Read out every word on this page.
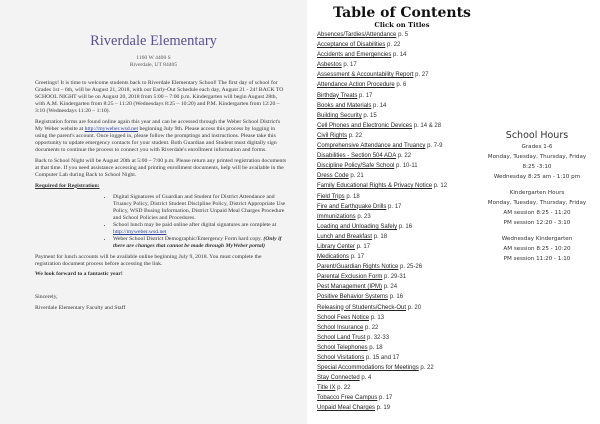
Riverdale Elementary
1160 W 4400 S
Riverdale, UT 84405

Greetings! It is time to welcome students back to Riverdale Elementary School! The first day of school for Grades 1st – 6th, will be August 21, 2018, with our Early-Out Schedule each day, August 21 - 24! BACK TO SCHOOL NIGHT will be on August 20, 2018 from 5:00 – 7:00 p.m. Kindergarten will begin August 28th, with A.M. Kindergarten from 8:25 – 11:20 (Wednesdays 8:25 – 10:20) and P.M. Kindergarten from 12:20 – 3:10 (Wednesdays 11:20 – 1:10).

Registration forms are found online again this year and can be accessed through the Weber School District's My Weber website at http://myweber.wsd.net beginning July 9th. Please access this process by logging in using the parent's account. Once logged in, please follow the promptings and instructions. Please take this opportunity to update emergency contacts for your student. Both Guardian and Student must digitally sign documents to continue the process to connect you with Riverdale's enrollment information and forms.

Back to School Night will be August 20th at 5:00 – 7:00 p.m. Please return any printed registration documents at that time. If you need assistance accessing and printing enrollment documents, help will be available in the Computer Lab during Back to School Night.

Required for Registration:
• Digital Signatures of Guardian and Student for District Attendance and Truancy Policy, District Student Discipline Policy, District Appropriate Use Policy, WSD Busing Information, District Unpaid Meal Charges Procedure and School Policies and Procedures.
• School lunch may be paid online after digital signatures are complete at http://myweber.wsd.net
• Weber School District Demographic/Emergency Form hard copy. (Only if there are changes that cannot be made through MyWeber portal)

Payment for lunch accounts will be available online beginning July 9, 2018. You must complete the registration document process before accessing the link.

We look forward to a fantastic year!

Sincerely,

Riverdale Elementary Faculty and Staff

Table of Contents
Click on Titles
Absences/Tardies/Attendance p. 5
Acceptance of Disabilities p. 22
Accidents and Emergencies p. 14
Asbestos p. 17
Assessment & Accountability Report p. 27
Attendance Action Procedure p. 6
Birthday Treats p. 17
Books and Materials p. 14
Building Security p. 15
Cell Phones and Electronic Devices p. 14 & 28
Civil Rights p. 22
Comprehensive Attendance and Truancy p. 7-9
Disabilities - Section 504 ADA p. 22
Discipline Policy/Safe School p. 10-11
Dress Code p. 21
Family Educational Rights & Privacy Notice p. 12
Field Trips p. 18
Fire and Earthquake Drills p. 17
Immunizations p. 23
Loading and Unloading Safely p. 16
Lunch and Breakfast p. 18
Library Center p. 17
Medications p. 17
Parent/Guardian Rights Notice p. 25-26
Parental Exclusion Form p. 29-31
Pest Management (IPM) p. 24
Positive Behavior Systems p. 16
Releasing of Students/Check-Out p. 20
School Fees Notice p. 13
School Insurance p. 22
School Land Trust p. 32-33
School Telephones p. 18
School Visitations p. 15 and 17
Special Accommodations for Meetings p. 22
Stay Connected p. 4
Title IX p. 22
Tobacco Free Campus p. 17
Unpaid Meal Charges p. 19
School Hours
Grades 1-6
Monday, Tuesday, Thursday, Friday
8:25 -3:10
Wednesday 8:25 am - 1:10 pm
Kindergarten Hours
Monday, Tuesday, Thursday, Friday
AM session 8:25 - 11:20
PM session 12:20 - 3:10
Wednesday Kindergarten
AM session 8:25 - 10:20
PM session 11:20 - 1:10
